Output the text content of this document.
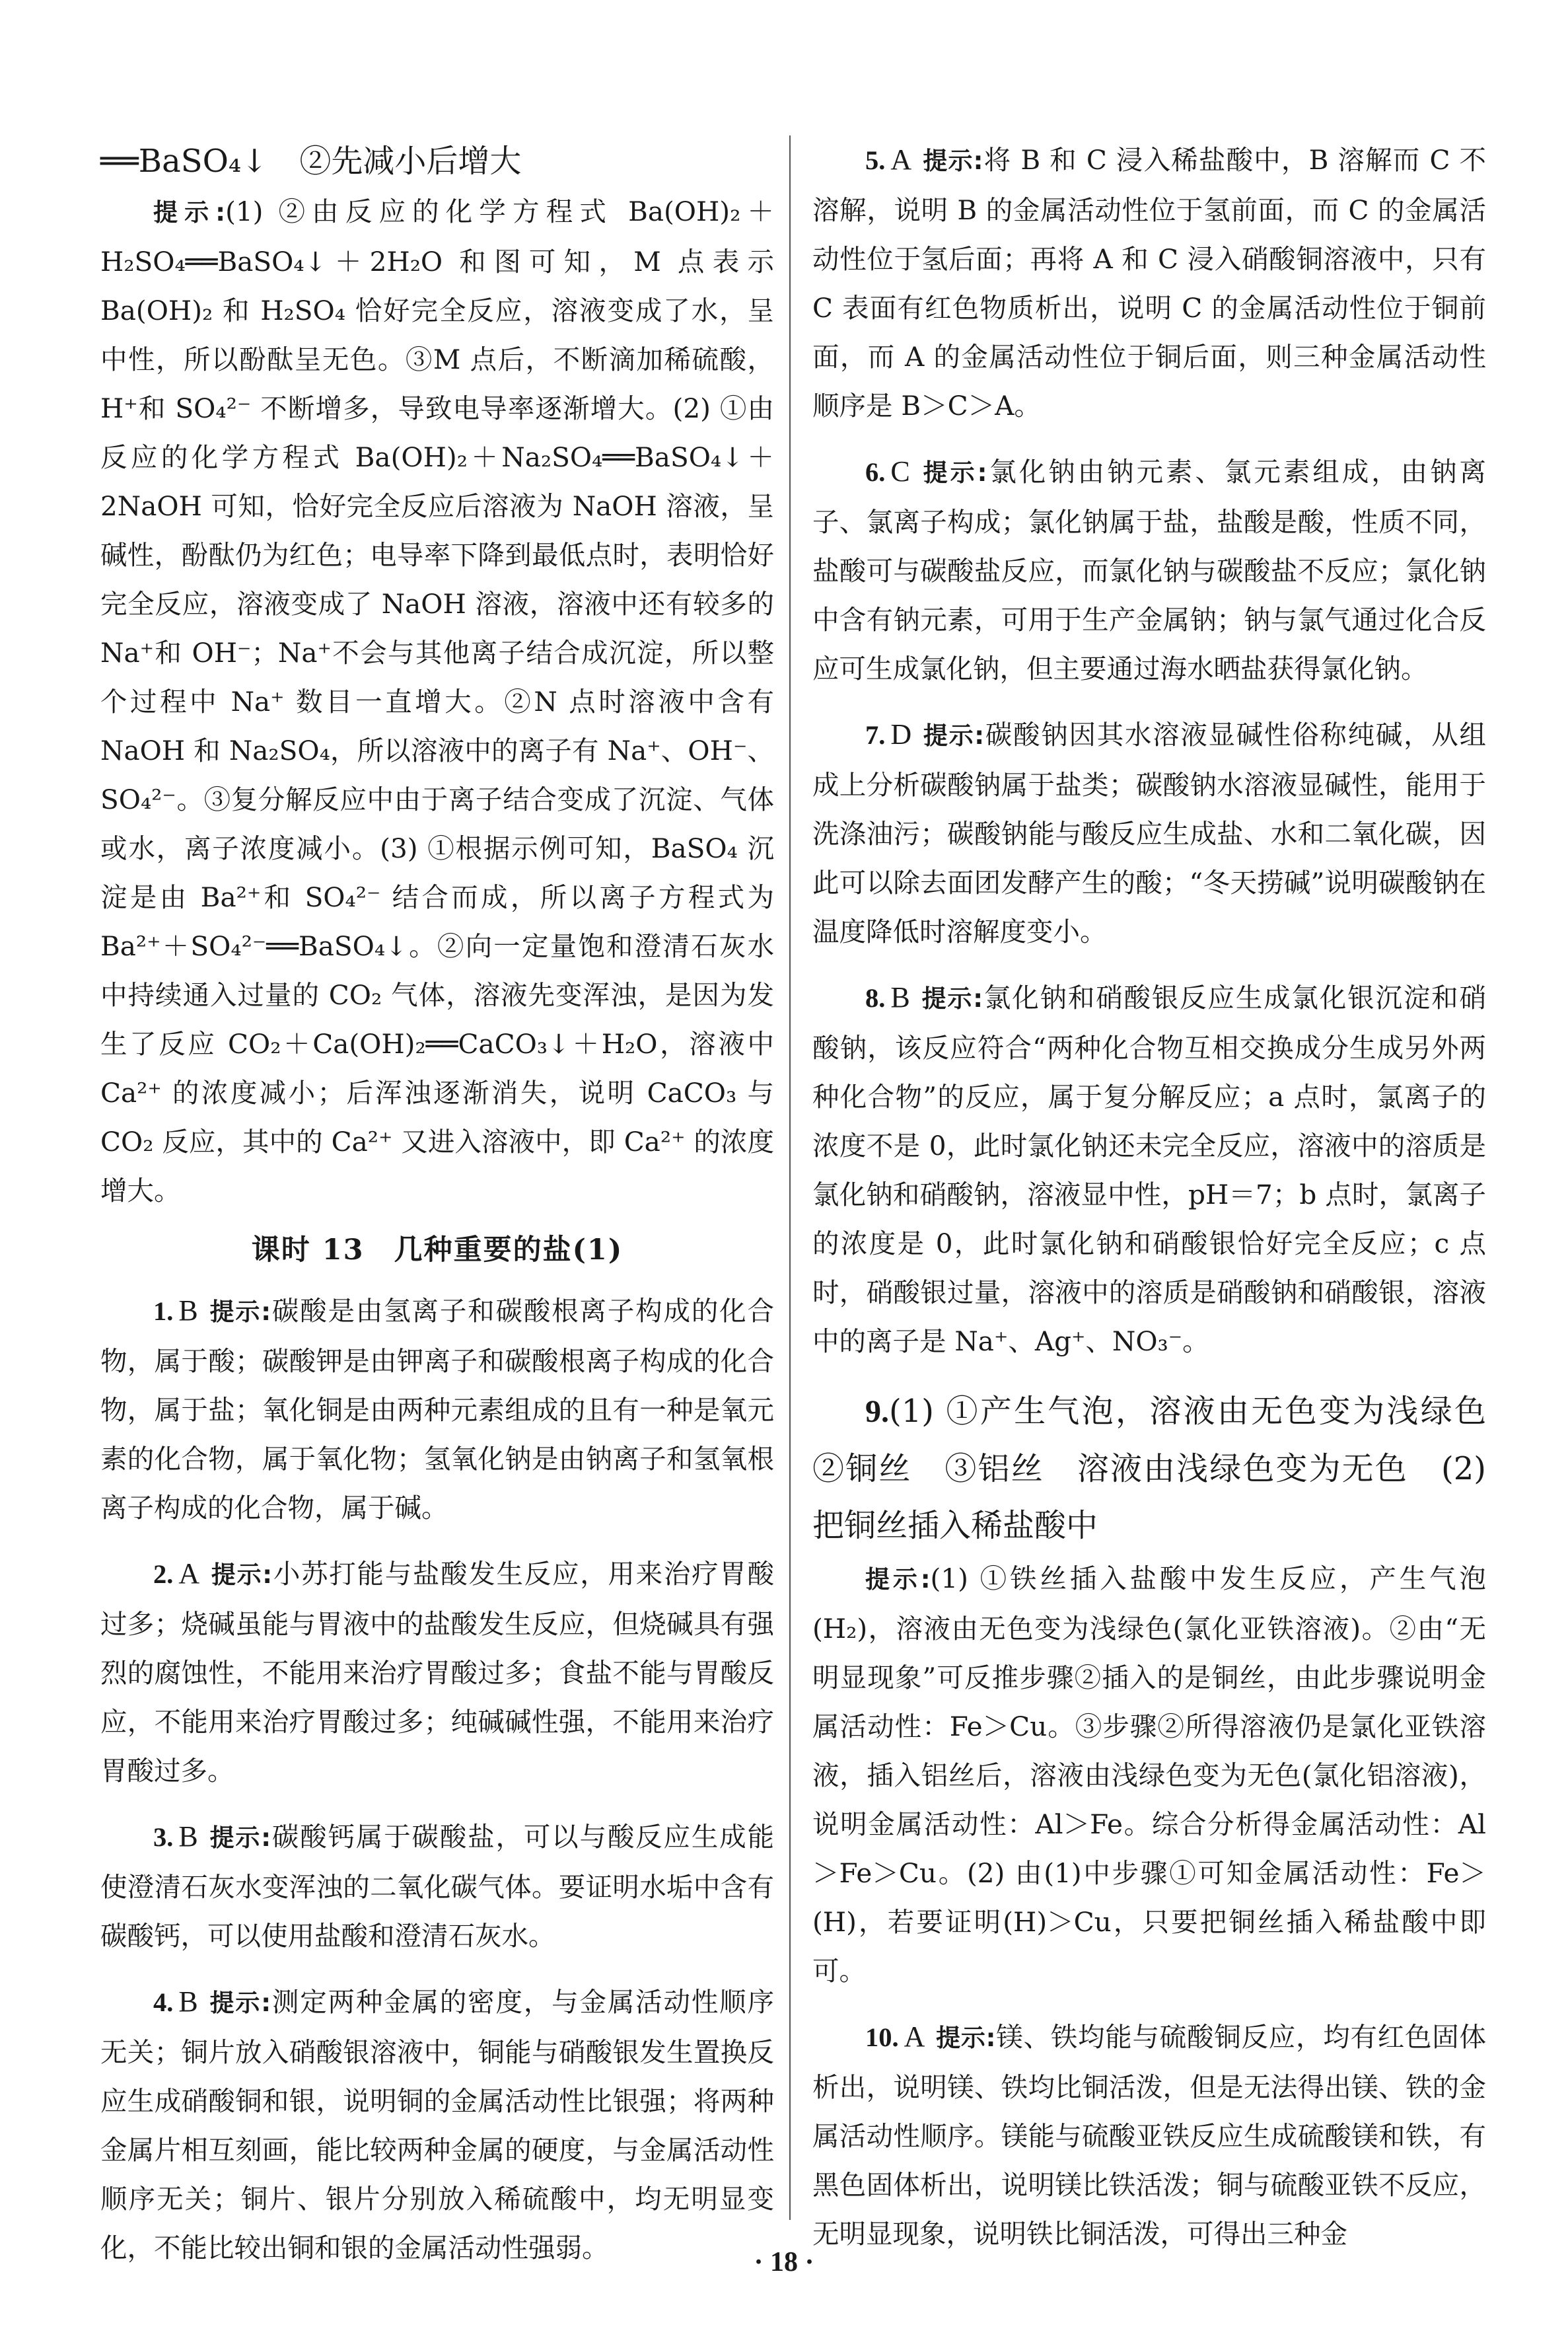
══BaSO₄↓　②先减小后增大

提示:(1) ②由反应的化学方程式 Ba(OH)₂＋H₂SO₄══BaSO₄↓＋2H₂O 和图可知，M 点表示 Ba(OH)₂ 和 H₂SO₄ 恰好完全反应，溶液变成了水，呈中性，所以酚酞呈无色。③M 点后，不断滴加稀硫酸，H⁺和 SO₄²⁻ 不断增多，导致电导率逐渐增大。(2) ①由反应的化学方程式 Ba(OH)₂＋Na₂SO₄══BaSO₄↓＋2NaOH 可知，恰好完全反应后溶液为 NaOH 溶液，呈碱性，酚酞仍为红色；电导率下降到最低点时，表明恰好完全反应，溶液变成了 NaOH 溶液，溶液中还有较多的 Na⁺和 OH⁻；Na⁺不会与其他离子结合成沉淀，所以整个过程中 Na⁺ 数目一直增大。②N 点时溶液中含有 NaOH 和 Na₂SO₄，所以溶液中的离子有 Na⁺、OH⁻、SO₄²⁻。③复分解反应中由于离子结合变成了沉淀、气体或水，离子浓度减小。(3) ①根据示例可知，BaSO₄ 沉淀是由 Ba²⁺和 SO₄²⁻ 结合而成，所以离子方程式为 Ba²⁺＋SO₄²⁻══BaSO₄↓。②向一定量饱和澄清石灰水中持续通入过量的 CO₂ 气体，溶液先变浑浊，是因为发生了反应 CO₂＋Ca(OH)₂══CaCO₃↓＋H₂O，溶液中 Ca²⁺ 的浓度减小；后浑浊逐渐消失，说明 CaCO₃ 与 CO₂ 反应，其中的 Ca²⁺ 又进入溶液中，即 Ca²⁺ 的浓度增大。

课时 13　几种重要的盐(1)

1. B 提示:碳酸是由氢离子和碳酸根离子构成的化合物，属于酸；碳酸钾是由钾离子和碳酸根离子构成的化合物，属于盐；氧化铜是由两种元素组成的且有一种是氧元素的化合物，属于氧化物；氢氧化钠是由钠离子和氢氧根离子构成的化合物，属于碱。

2. A 提示:小苏打能与盐酸发生反应，用来治疗胃酸过多；烧碱虽能与胃液中的盐酸发生反应，但烧碱具有强烈的腐蚀性，不能用来治疗胃酸过多；食盐不能与胃酸反应，不能用来治疗胃酸过多；纯碱碱性强，不能用来治疗胃酸过多。

3. B 提示:碳酸钙属于碳酸盐，可以与酸反应生成能使澄清石灰水变浑浊的二氧化碳气体。要证明水垢中含有碳酸钙，可以使用盐酸和澄清石灰水。

4. B 提示:测定两种金属的密度，与金属活动性顺序无关；铜片放入硝酸银溶液中，铜能与硝酸银发生置换反应生成硝酸铜和银，说明铜的金属活动性比银强；将两种金属片相互刻画，能比较两种金属的硬度，与金属活动性顺序无关；铜片、银片分别放入稀硫酸中，均无明显变化，不能比较出铜和银的金属活动性强弱。

5. A 提示:将 B 和 C 浸入稀盐酸中，B 溶解而 C 不溶解，说明 B 的金属活动性位于氢前面，而 C 的金属活动性位于氢后面；再将 A 和 C 浸入硝酸铜溶液中，只有 C 表面有红色物质析出，说明 C 的金属活动性位于铜前面，而 A 的金属活动性位于铜后面，则三种金属活动性顺序是 B＞C＞A。

6. C 提示:氯化钠由钠元素、氯元素组成，由钠离子、氯离子构成；氯化钠属于盐，盐酸是酸，性质不同，盐酸可与碳酸盐反应，而氯化钠与碳酸盐不反应；氯化钠中含有钠元素，可用于生产金属钠；钠与氯气通过化合反应可生成氯化钠，但主要通过海水晒盐获得氯化钠。

7. D 提示:碳酸钠因其水溶液显碱性俗称纯碱，从组成上分析碳酸钠属于盐类；碳酸钠水溶液显碱性，能用于洗涤油污；碳酸钠能与酸反应生成盐、水和二氧化碳，因此可以除去面团发酵产生的酸；“冬天捞碱”说明碳酸钠在温度降低时溶解度变小。

8. B 提示:氯化钠和硝酸银反应生成氯化银沉淀和硝酸钠，该反应符合“两种化合物互相交换成分生成另外两种化合物”的反应，属于复分解反应；a 点时，氯离子的浓度不是 0，此时氯化钠还未完全反应，溶液中的溶质是氯化钠和硝酸钠，溶液显中性，pH＝7；b 点时，氯离子的浓度是 0，此时氯化钠和硝酸银恰好完全反应；c 点时，硝酸银过量，溶液中的溶质是硝酸钠和硝酸银，溶液中的离子是 Na⁺、Ag⁺、NO₃⁻。

9.(1) ①产生气泡，溶液由无色变为浅绿色　②铜丝　③铝丝　溶液由浅绿色变为无色　(2) 把铜丝插入稀盐酸中

提示:(1) ①铁丝插入盐酸中发生反应，产生气泡(H₂)，溶液由无色变为浅绿色(氯化亚铁溶液)。②由“无明显现象”可反推步骤②插入的是铜丝，由此步骤说明金属活动性：Fe＞Cu。③步骤②所得溶液仍是氯化亚铁溶液，插入铝丝后，溶液由浅绿色变为无色(氯化铝溶液)，说明金属活动性：Al＞Fe。综合分析得金属活动性：Al＞Fe＞Cu。(2) 由(1)中步骤①可知金属活动性：Fe＞(H)，若要证明(H)＞Cu，只要把铜丝插入稀盐酸中即可。

10. A 提示:镁、铁均能与硫酸铜反应，均有红色固体析出，说明镁、铁均比铜活泼，但是无法得出镁、铁的金属活动性顺序。镁能与硫酸亚铁反应生成硫酸镁和铁，有黑色固体析出，说明镁比铁活泼；铜与硫酸亚铁不反应，无明显现象，说明铁比铜活泼，可得出三种金

· 18 ·
